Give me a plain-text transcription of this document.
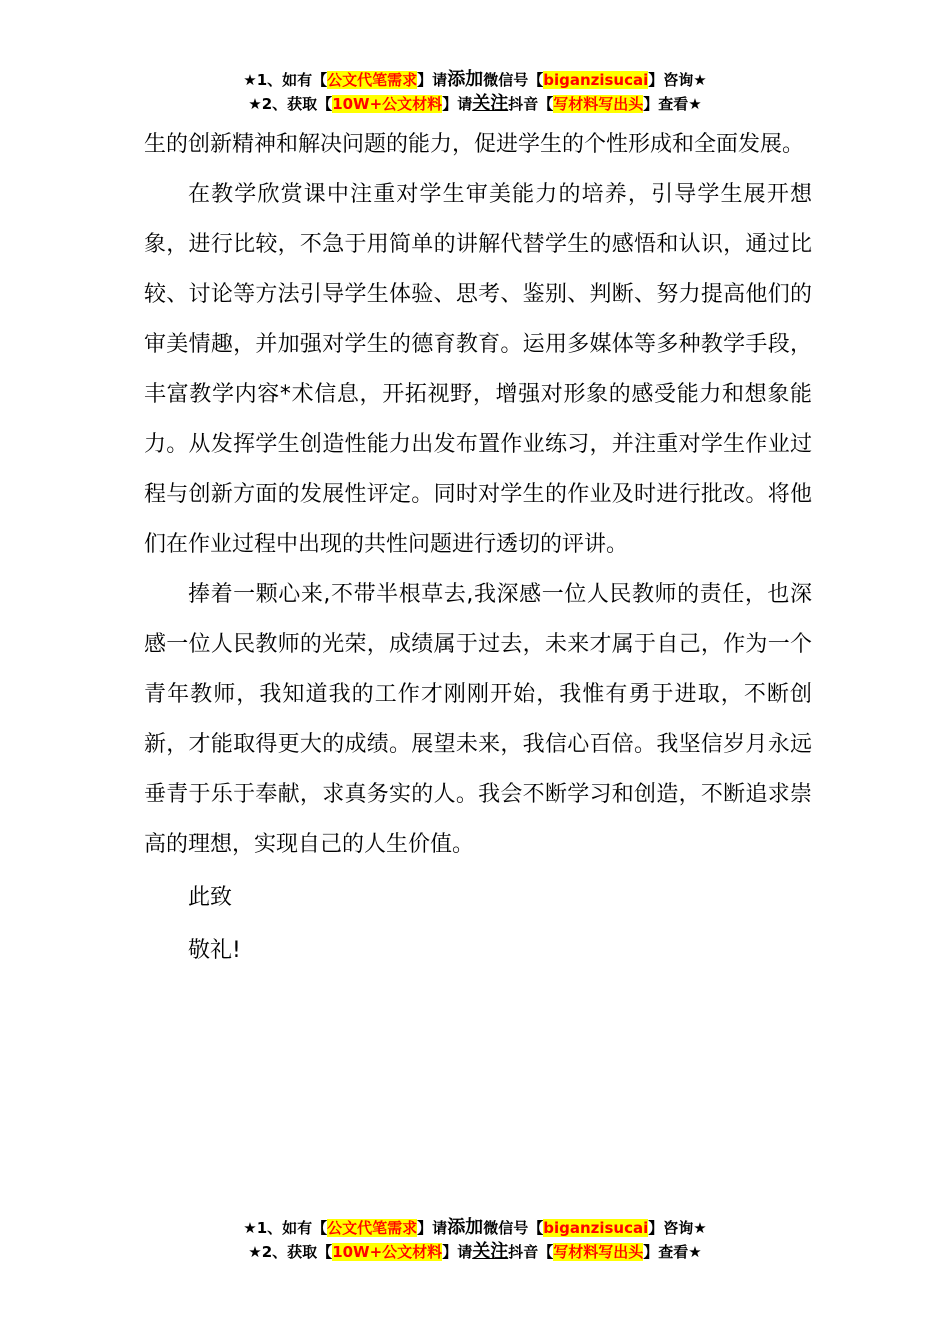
★1、如有【公文代笔需求】请添加微信号【biganzisucai】咨询★
★2、获取【10W+公文材料】请关注抖音【写材料写出头】查看★

生的创新精神和解决问题的能力，促进学生的个性形成和全面发展。

在教学欣赏课中注重对学生审美能力的培养，引导学生展开想象，进行比较，不急于用简单的讲解代替学生的感悟和认识，通过比较、讨论等方法引导学生体验、思考、鉴别、判断、努力提高他们的审美情趣，并加强对学生的德育教育。运用多媒体等多种教学手段，丰富教学内容*术信息，开拓视野，增强对形象的感受能力和想象能力。从发挥学生创造性能力出发布置作业练习，并注重对学生作业过程与创新方面的发展性评定。同时对学生的作业及时进行批改。将他们在作业过程中出现的共性问题进行透切的评讲。

捧着一颗心来,不带半根草去,我深感一位人民教师的责任，也深感一位人民教师的光荣，成绩属于过去，未来才属于自己，作为一个青年教师，我知道我的工作才刚刚开始，我惟有勇于进取，不断创新，才能取得更大的成绩。展望未来，我信心百倍。我坚信岁月永远垂青于乐于奉献，求真务实的人。我会不断学习和创造，不断追求崇高的理想，实现自己的人生价值。

此致

敬礼!

★1、如有【公文代笔需求】请添加微信号【biganzisucai】咨询★
★2、获取【10W+公文材料】请关注抖音【写材料写出头】查看★
